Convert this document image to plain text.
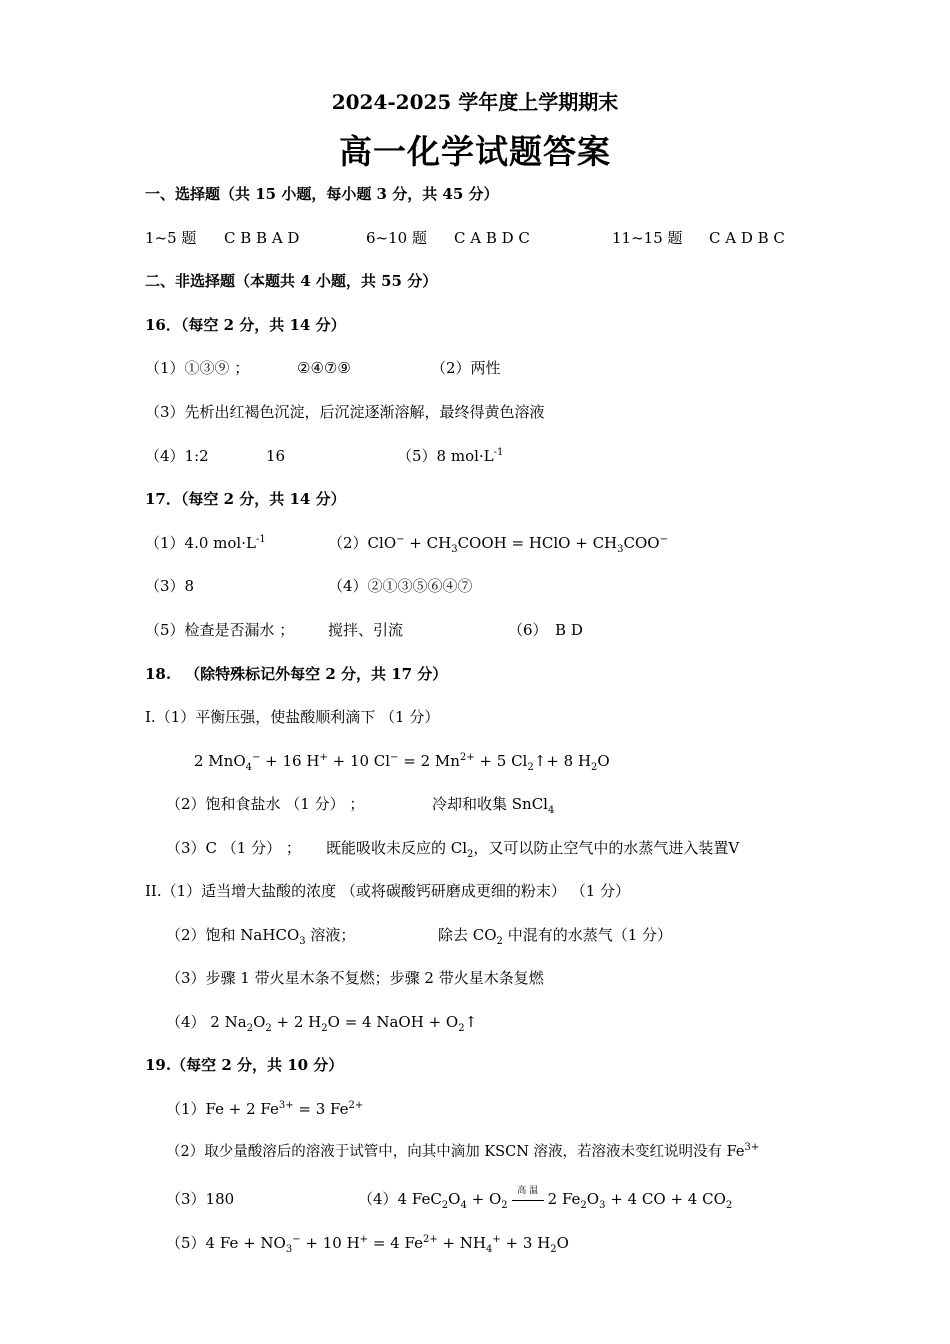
2024-2025 学年度上学期期末
高一化学试题答案
一、选择题（共 15 小题，每小题 3 分，共 45 分）
1~5 题 C B B A D	6~10 题 C A B D C	11~15 题 C A D B C
二、非选择题（本题共 4 小题，共 55 分）
16．（每空 2 分，共 14 分）
（1）①③⑨ ；	②④⑦⑨	（2）两性
（3）先析出红褐色沉淀，后沉淀逐渐溶解，最终得黄色溶液
（4）1:2	16	（5）8 $mol\cdot L^{-1}$
17．（每空 2 分，共 14 分）
（1）4.0 $mol\cdot L^{-1}$	$(2)ClO^- + CH_3COOH$ = HClO + $CH_3COO^-$
（3）8	（4）②①③⑤⑥④⑦
（5）检查是否漏水 ； 搅拌、引流	（6）　B D
18. （除特殊标记外每空 2 分，共 17 分）
I.（1）平衡压强，使盐酸顺利滴下 （1 分）
2 MnO$_4$− + 16 H+ + 10 Cl− = 2 $Mn^{2+} + 5$ $Cl_2↑+ 8$ $H_2O$
（2）饱和食盐水 （1 分） ；	冷却和收集 SnCl$_4$
（3）C （1 分） ； 既能吸收未反应的 $Cl_2$，又可以防止空气中的水蒸气进入装置V
II.（1）适当增大盐酸的浓度 （或将碳酸钙研磨成更细的粉末） （1 分）
（2）饱和 NaHCO$_3$ 溶液；	除去 $CO_2$ 中混有的水蒸气（1 分）
（3）步骤 1 带火星木条不复燃；步骤 2 带火星木条复燃
（4） 2 $Na_2O_2 + 2$ $H_2O = 4$ NaOH + $O_2↑$
19.（每空 2 分，共 10 分）
（1）Fe + 2 $Fe^{3+} = 3$ $Fe^{2+}$
（2）取少量酸溶后的溶液于试管中，向其中滴加 KSCN 溶液，若溶液未变红说明没有 $Fe^{3+}$
（3）180	（4）4 $FeC_2O_4 + O_2$
高 温 2 $Fe_2O_3 + 4$ CO + 4 $CO_2$
（5）4 $Fe + NO_3^- + 10$ H+ = 4 $Fe^{2+} + NH_4^+ + 3$ $H_2O$
